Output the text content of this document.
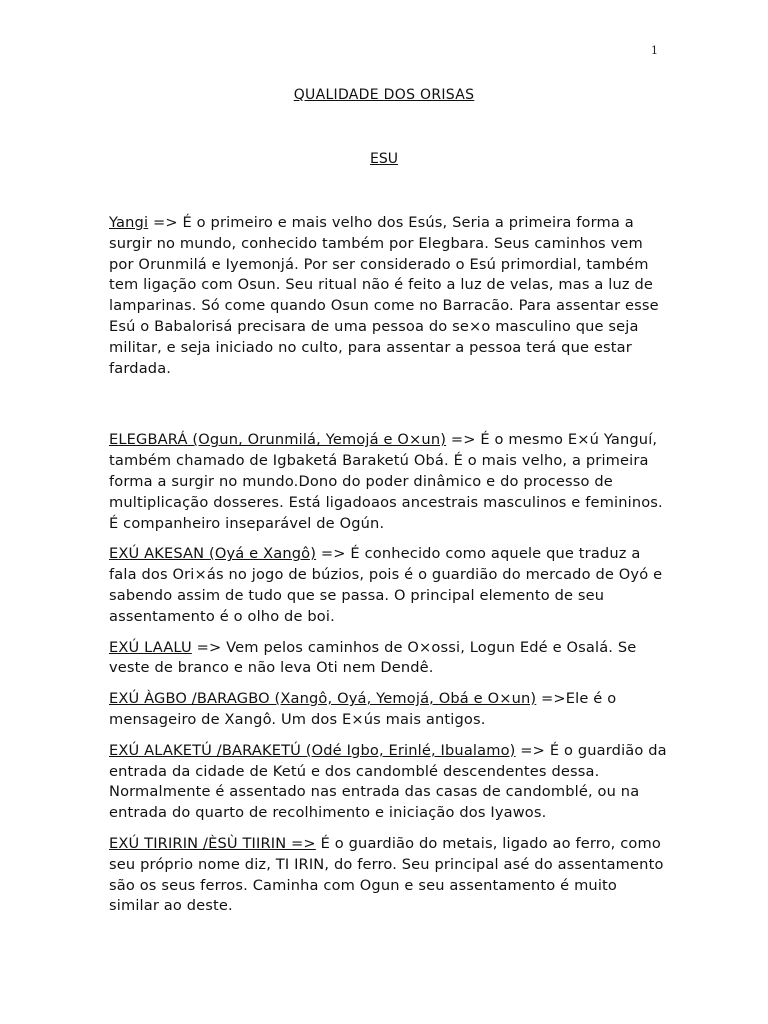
1
QUALIDADE DOS ORISAS
ESU

Yangi => É o primeiro e mais velho dos Esús, Seria a primeira forma a surgir no mundo, conhecido também por Elegbara. Seus caminhos vem por Orunmilá e Iyemonjá. Por ser considerado o Esú primordial, também tem ligação com Osun. Seu ritual não é feito a luz de velas, mas a luz de lamparinas. Só come quando Osun come no Barracão. Para assentar esse Esú o Babalorisá precisara de uma pessoa do se×o masculino que seja militar, e seja iniciado no culto, para assentar a pessoa terá que estar fardada.

ELEGBARÁ (Ogun, Orunmilá, Yemojá e O×un) => É o mesmo E×ú Yanguí, também chamado de Igbaketá Baraketú Obá. É o mais velho, a primeira forma a surgir no mundo.Dono do poder dinâmico e do processo de multiplicação dosseres. Está ligadoaos ancestrais masculinos e femininos. É companheiro inseparável de Ogún.

EXÚ AKESAN (Oyá e Xangô) => É conhecido como aquele que traduz a fala dos Ori×ás no jogo de búzios, pois é o guardião do mercado de Oyó e sabendo assim de tudo que se passa. O principal elemento de seu assentamento é o olho de boi.

EXÚ LAALU => Vem pelos caminhos de O×ossi, Logun Edé e Osalá. Se veste de branco e não leva Oti nem Dendê.

EXÚ ÀGBO /BARAGBO (Xangô, Oyá, Yemojá, Obá e O×un) =>Ele é o mensageiro de Xangô. Um dos E×ús mais antigos.

EXÚ ALAKETÚ /BARAKETÚ (Odé Igbo, Erinlé, Ibualamo) => É o guardião da entrada da cidade de Ketú e dos candomblé descendentes dessa. Normalmente é assentado nas entrada das casas de candomblé, ou na entrada do quarto de recolhimento e iniciação dos Iyawos.

EXÚ TIRIRIN /ÈSÙ TIIRIN => É o guardião do metais, ligado ao ferro, como seu próprio nome diz, TI IRIN, do ferro. Seu principal asé do assentamento são os seus ferros. Caminha com Ogun e seu assentamento é muito similar ao deste.
